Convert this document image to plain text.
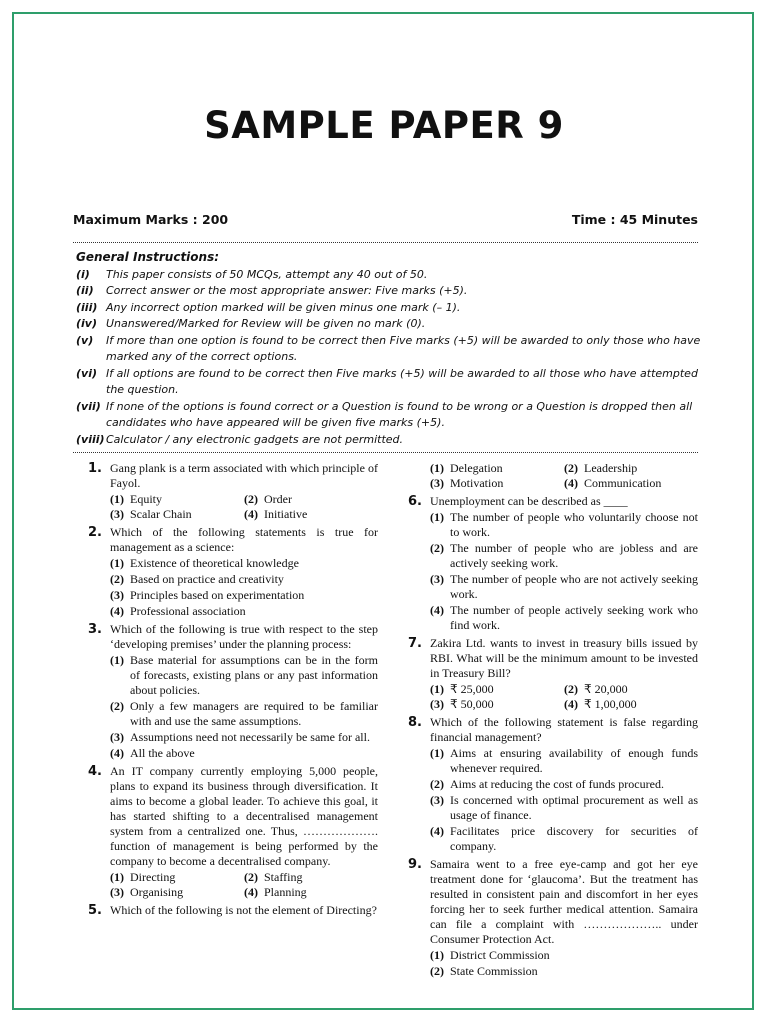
SAMPLE PAPER 9
Maximum Marks : 200	Time : 45 Minutes
General Instructions:
(i)	This paper consists of 50 MCQs, attempt any 40 out of 50.
(ii)	Correct answer or the most appropriate answer: Five marks (+5).
(iii) Any incorrect option marked will be given minus one mark (– 1).
(iv) Unanswered/Marked for Review will be given no mark (0).
(v)	If more than one option is found to be correct then Five marks (+5) will be awarded to only those who have marked any of the correct options.
(vi) If all options are found to be correct then Five marks (+5) will be awarded to all those who have attempted the question.
(vii) If none of the options is found correct or a Question is found to be wrong or a Question is dropped then all candidates who have appeared will be given five marks (+5).
(viii) Calculator / any electronic gadgets are not permitted.
1. Gang plank is a term associated with which principle of Fayol.
(1) Equity	(2) Order
(3) Scalar Chain	(4) Initiative
2. Which of the following statements is true for management as a science:
(1) Existence of theoretical knowledge
(2) Based on practice and creativity
(3) Principles based on experimentation
(4) Professional association
3. Which of the following is true with respect to the step ‘developing premises’ under the planning process:
(1) Base material for assumptions can be in the form of forecasts, existing plans or any past information about policies.
(2) Only a few managers are required to be familiar with and use the same assumptions.
(3) Assumptions need not necessarily be same for all.
(4) All the above
4. An IT company currently employing 5,000 people, plans to expand its business through diversification. It aims to become a global leader. To achieve this goal, it has started shifting to a decentralised management system from a centralized one. Thus, ………………. function of management is being performed by the company to become a decentralised company.
(1) Directing	(2) Staffing
(3) Organising	(4) Planning
5. Which of the following is not the element of Directing?
(1) Delegation	(2) Leadership
(3) Motivation	(4) Communication
6. Unemployment can be described as ____
(1) The number of people who voluntarily choose not to work.
(2) The number of people who are jobless and are actively seeking work.
(3) The number of people who are not actively seeking work.
(4) The number of people actively seeking work who find work.
7. Zakira Ltd. wants to invest in treasury bills issued by RBI. What will be the minimum amount to be invested in Treasury Bill?
(1) ₹ 25,000	(2) ₹ 20,000
(3) ₹ 50,000	(4) ₹ 1,00,000
8. Which of the following statement is false regarding financial management?
(1) Aims at ensuring availability of enough funds whenever required.
(2) Aims at reducing the cost of funds procured.
(3) Is concerned with optimal procurement as well as usage of finance.
(4) Facilitates price discovery for securities of company.
9. Samaira went to a free eye-camp and got her eye treatment done for ‘glaucoma’. But the treatment has resulted in consistent pain and discomfort in her eyes forcing her to seek further medical attention. Samaira can file a complaint with ……………….. under Consumer Protection Act.
(1) District Commission
(2) State Commission
